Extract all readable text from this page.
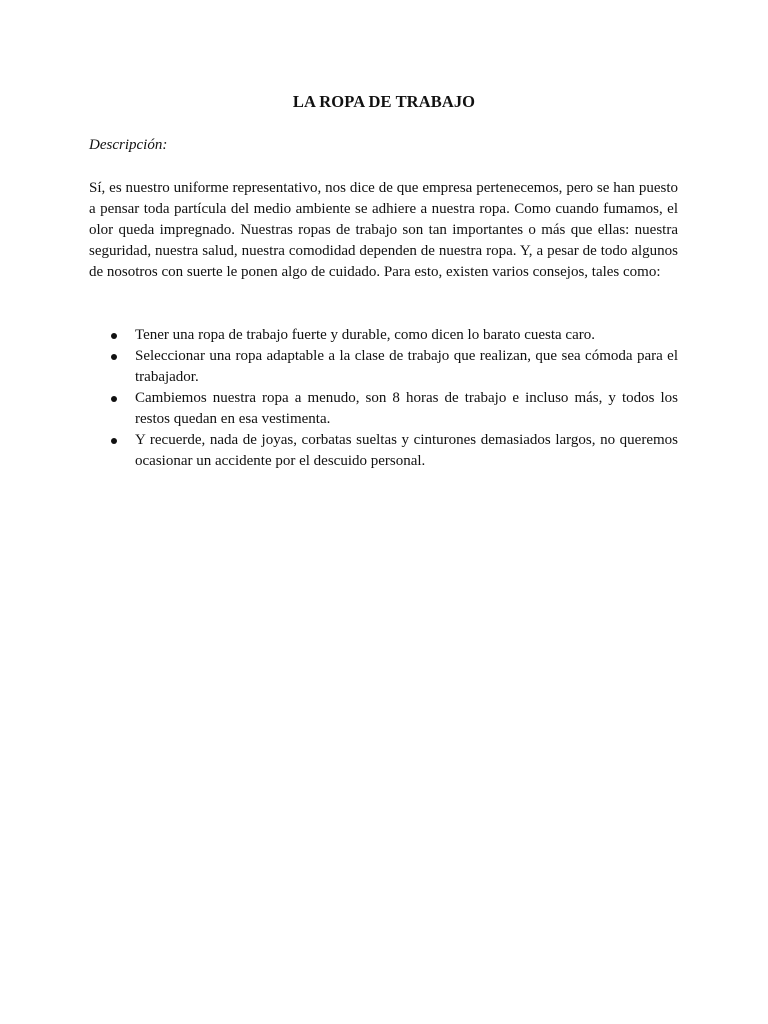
LA ROPA DE TRABAJO

Descripción:

Sí, es nuestro uniforme representativo, nos dice de que empresa pertenecemos, pero se han puesto a pensar toda partícula del medio ambiente se adhiere a nuestra ropa. Como cuando fumamos, el olor queda impregnado. Nuestras ropas de trabajo son tan importantes o más que ellas: nuestra seguridad, nuestra salud, nuestra comodidad dependen de nuestra ropa. Y, a pesar de todo algunos de nosotros con suerte le ponen algo de cuidado. Para esto, existen varios consejos, tales como:

Tener una ropa de trabajo fuerte y durable, como dicen lo barato cuesta caro.
Seleccionar una ropa adaptable a la clase de trabajo que realizan, que sea cómoda para el trabajador.
Cambiemos nuestra ropa a menudo, son 8 horas de trabajo e incluso más, y todos los restos quedan en esa vestimenta.
Y recuerde, nada de joyas, corbatas sueltas y cinturones demasiados largos, no queremos ocasionar un accidente por el descuido personal.
